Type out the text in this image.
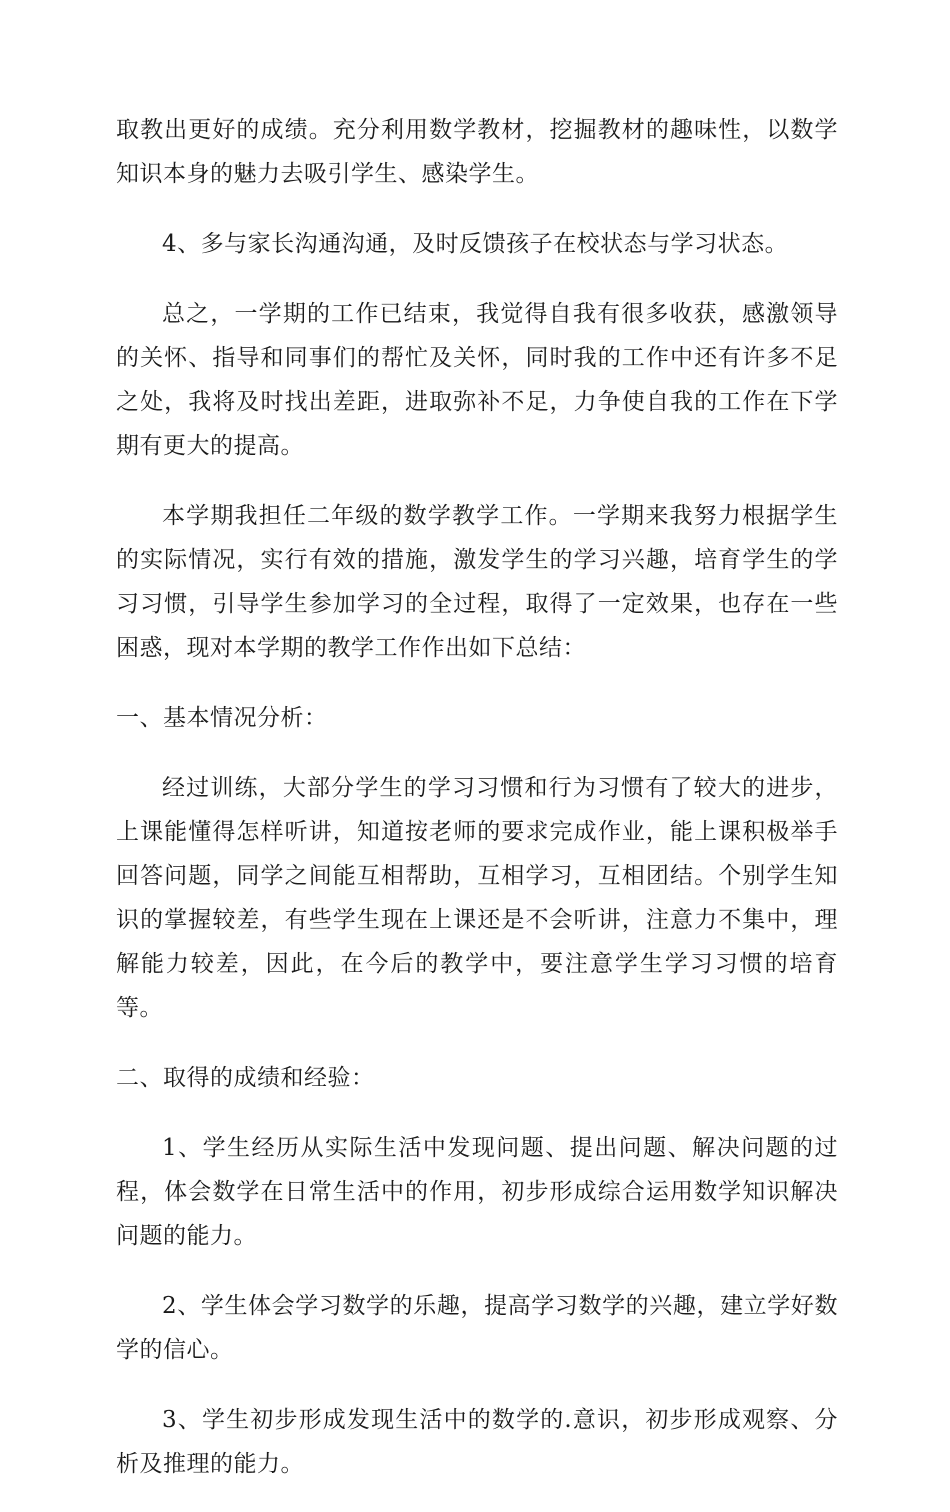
取教出更好的成绩。充分利用数学教材，挖掘教材的趣味性，以数学知识本身的魅力去吸引学生、感染学生。

4、多与家长沟通沟通，及时反馈孩子在校状态与学习状态。

总之，一学期的工作已结束，我觉得自我有很多收获，感激领导的关怀、指导和同事们的帮忙及关怀，同时我的工作中还有许多不足之处，我将及时找出差距，进取弥补不足，力争使自我的工作在下学期有更大的提高。

本学期我担任二年级的数学教学工作。一学期来我努力根据学生的实际情况，实行有效的措施，激发学生的学习兴趣，培育学生的学习习惯，引导学生参加学习的全过程，取得了一定效果，也存在一些困惑，现对本学期的教学工作作出如下总结：

一、基本情况分析：

经过训练，大部分学生的学习习惯和行为习惯有了较大的进步，上课能懂得怎样听讲，知道按老师的要求完成作业，能上课积极举手回答问题，同学之间能互相帮助，互相学习，互相团结。个别学生知识的掌握较差，有些学生现在上课还是不会听讲，注意力不集中，理解能力较差，因此，在今后的教学中，要注意学生学习习惯的培育等。

二、取得的成绩和经验：

1、学生经历从实际生活中发现问题、提出问题、解决问题的过程，体会数学在日常生活中的作用，初步形成综合运用数学知识解决问题的能力。

2、学生体会学习数学的乐趣，提高学习数学的兴趣，建立学好数学的信心。

3、学生初步形成发现生活中的数学的.意识，初步形成观察、分析及推理的能力。
